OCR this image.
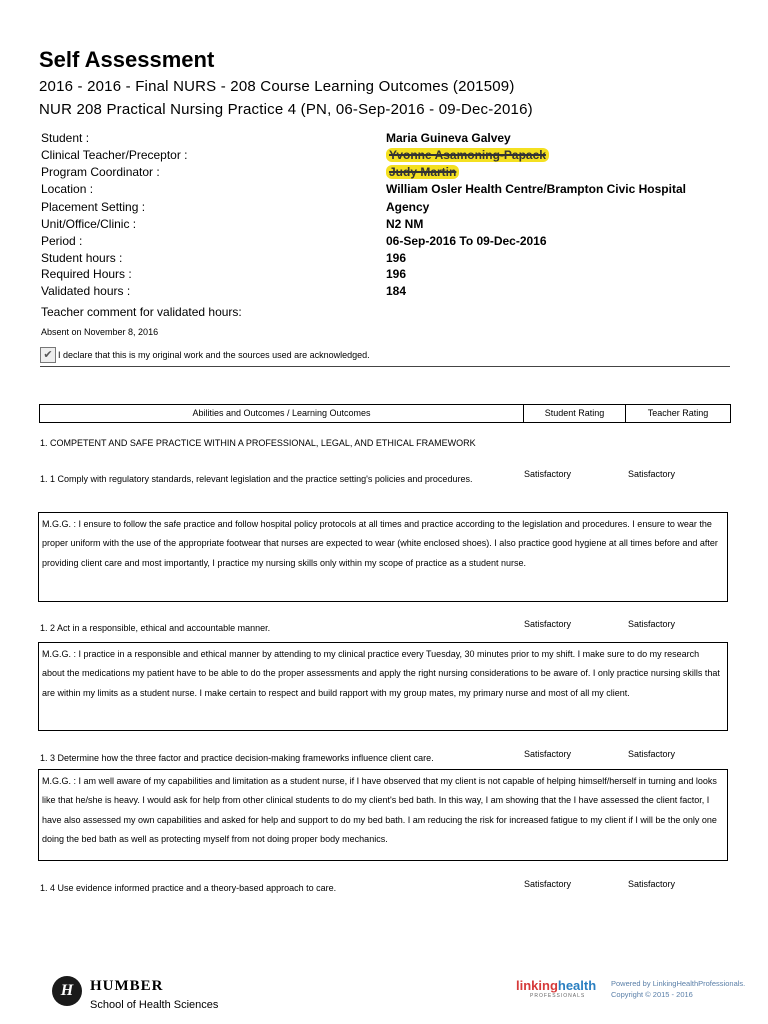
Self Assessment
2016 - 2016 - Final NURS - 208 Course Learning Outcomes (201509)
NUR 208 Practical Nursing Practice 4 (PN, 06-Sep-2016 - 09-Dec-2016)
Student :	Maria Guineva Galvey
Clinical Teacher/Preceptor :	Yvonne Asamoning-Papack
Program Coordinator :	Judy Martin
Location :	William Osler Health Centre/Brampton Civic Hospital
Placement Setting :	Agency
Unit/Office/Clinic :	N2 NM
Period :	06-Sep-2016 To 09-Dec-2016
Student hours :	196
Required Hours :	196
Validated hours :	184
Teacher comment for validated hours:
Absent on November 8, 2016
✔ I declare that this is my original work and the sources used are acknowledged.
Abilities and Outcomes / Learning Outcomes	Student Rating	Teacher Rating
1. COMPETENT AND SAFE PRACTICE WITHIN A PROFESSIONAL, LEGAL, AND ETHICAL FRAMEWORK
1. 1 Comply with regulatory standards, relevant legislation and the practice setting's policies and procedures.	Satisfactory	Satisfactory
M.G.G. : I ensure to follow the safe practice and follow hospital policy protocols at all times and practice according to the legislation and procedures. I ensure to wear the proper uniform with the use of the appropriate footwear that nurses are expected to wear (white enclosed shoes). I also practice good hygiene at all times before and after providing client care and most importantly, I practice my nursing skills only within my scope of practice as a student nurse.
1. 2 Act in a responsible, ethical and accountable manner.	Satisfactory	Satisfactory
M.G.G. : I practice in a responsible and ethical manner by attending to my clinical practice every Tuesday, 30 minutes prior to my shift. I make sure to do my research about the medications my patient have to be able to do the proper assessments and apply the right nursing considerations to be aware of. I only practice nursing skills that are within my limits as a student nurse. I make certain to respect and build rapport with my group mates, my primary nurse and most of all my client.
1. 3 Determine how the three factor and practice decision-making frameworks influence client care.	Satisfactory	Satisfactory
M.G.G. : I am well aware of my capabilities and limitation as a student nurse, if I have observed that my client is not capable of helping himself/herself in turning and looks like that he/she is heavy. I would ask for help from other clinical students to do my client's bed bath. In this way, I am showing that the I have assessed the client factor, I have also assessed my own capabilities and asked for help and support to do my bed bath. I am reducing the risk for increased fatigue to my client if I will be the only one doing the bed bath as well as protecting myself from not doing proper body mechanics.
1. 4 Use evidence informed practice and a theory-based approach to care.	Satisfactory	Satisfactory
H	HUMBER
School of Health Sciences
linkinghealth
PROFESSIONALS
Powered by LinkingHealthProfessionals.
Copyright © 2015 - 2016
